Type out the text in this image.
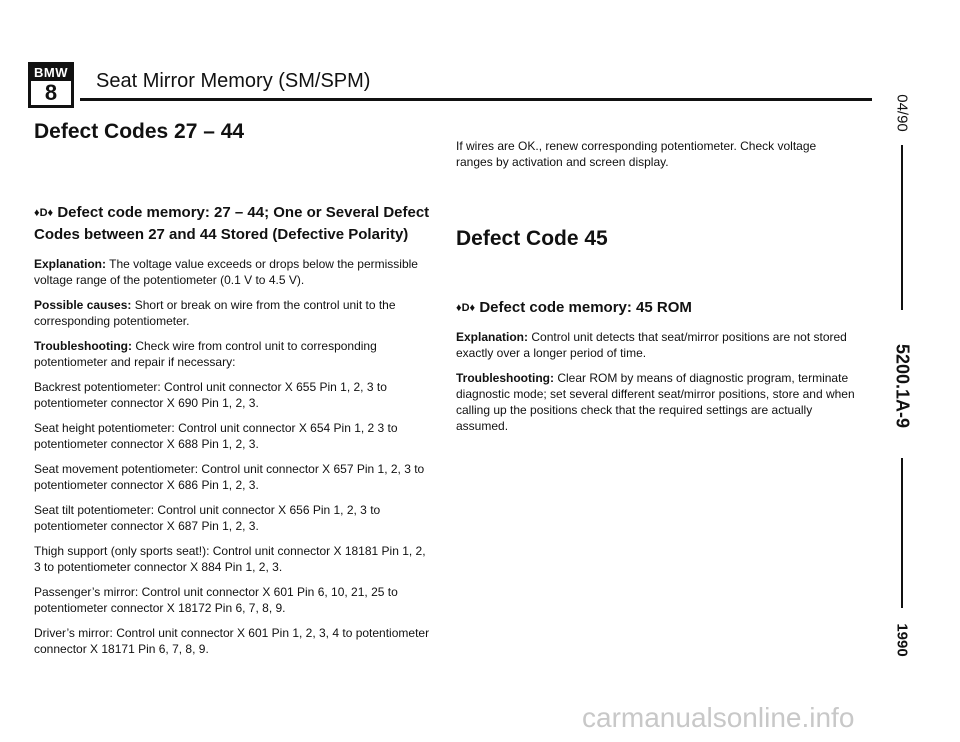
BMW
8	Seat Mirror Memory (SM/SPM)
Defect Codes 27 – 44
♦D♦ Defect code memory: 27 – 44; One or Several Defect Codes between 27 and 44 Stored (Defective Polarity)

Explanation: The voltage value exceeds or drops below the permissible voltage range of the potentiometer (0.1 V to 4.5 V).

Possible causes: Short or break on wire from the control unit to the corresponding potentiometer.

Troubleshooting: Check wire from control unit to corresponding potentiometer and repair if necessary:

Backrest potentiometer: Control unit connector X 655 Pin 1, 2, 3 to potentiometer connector X 690 Pin 1, 2, 3.

Seat height potentiometer: Control unit connector X 654 Pin 1, 2 3 to potentiometer connector X 688 Pin 1, 2, 3.

Seat movement potentiometer: Control unit connector X 657 Pin 1, 2, 3 to potentiometer connector X 686 Pin 1, 2, 3.

Seat tilt potentiometer: Control unit connector X 656 Pin 1, 2, 3 to potentiometer connector X 687 Pin 1, 2, 3.

Thigh support (only sports seat!): Control unit connector X 18181 Pin 1, 2, 3 to potentiometer connector X 884 Pin 1, 2, 3.

Passenger’s mirror: Control unit connector X 601 Pin 6, 10, 21, 25 to potentiometer connector X 18172 Pin 6, 7, 8, 9.

Driver’s mirror: Control unit connector X 601 Pin 1, 2, 3, 4 to potentiometer connector X 18171 Pin 6, 7, 8, 9.

If wires are OK., renew corresponding potentiometer. Check voltage ranges by activation and screen display.

Defect Code 45
♦D♦ Defect code memory: 45 ROM

Explanation: Control unit detects that seat/mirror positions are not stored exactly over a longer period of time.

Troubleshooting: Clear ROM by means of diagnostic program, terminate diagnostic mode; set several different seat/mirror positions, store and when calling up the positions check that the required settings are actually assumed.

04/90
5200.1A-9
1990
carmanualsonline.info
